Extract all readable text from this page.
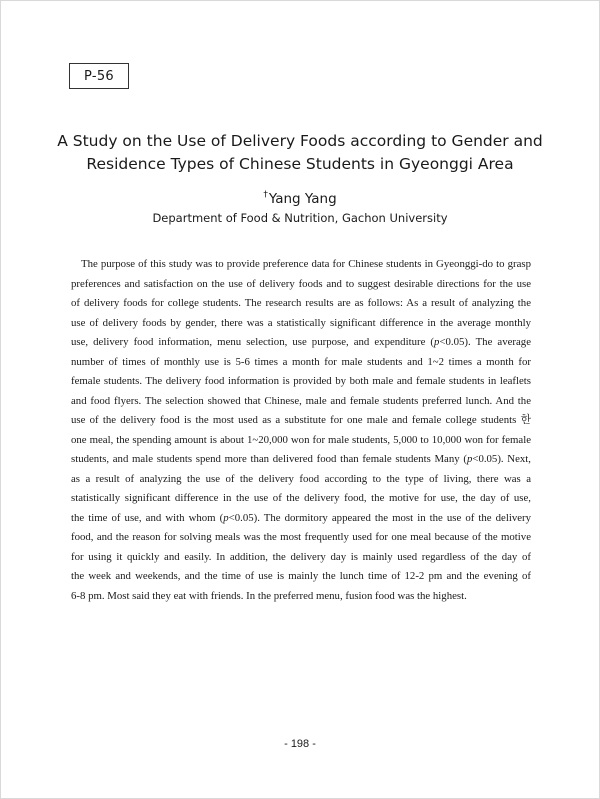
P-56
A Study on the Use of Delivery Foods according to Gender and
Residence Types of Chinese Students in Gyeonggi Area
†Yang Yang
Department of Food & Nutrition, Gachon University

The purpose of this study was to provide preference data for Chinese students in Gyeonggi-do to grasp
preferences and satisfaction on the use of delivery foods and to suggest desirable directions for the use
of delivery foods for college students. The research results are as follows: As a result of analyzing the
use of delivery foods by gender, there was a statistically significant difference in the average monthly
use, delivery food information, menu selection, use purpose, and expenditure (p<0.05). The average
number of times of monthly use is 5-6 times a month for male students and 1~2 times a month for
female students. The delivery food information is provided by both male and female students in leaflets
and food flyers. The selection showed that Chinese, male and female students preferred lunch. And the
use of the delivery food is the most used as a substitute for one male and female college students 한
one meal, the spending amount is about 1~20,000 won for male students, 5,000 to 10,000 won for female
students, and male students spend more than delivered food than female students Many (p<0.05). Next,
as a result of analyzing the use of the delivery food according to the type of living, there was a
statistically significant difference in the use of the delivery food, the motive for use, the day of use,
the time of use, and with whom (p<0.05). The dormitory appeared the most in the use of the delivery
food, and the reason for solving meals was the most frequently used for one meal because of the motive
for using it quickly and easily. In addition, the delivery day is mainly used regardless of the day of
the week and weekends, and the time of use is mainly the lunch time of 12-2 pm and the evening of
6-8 pm. Most said they eat with friends. In the preferred menu, fusion food was the highest.

- 198 -
